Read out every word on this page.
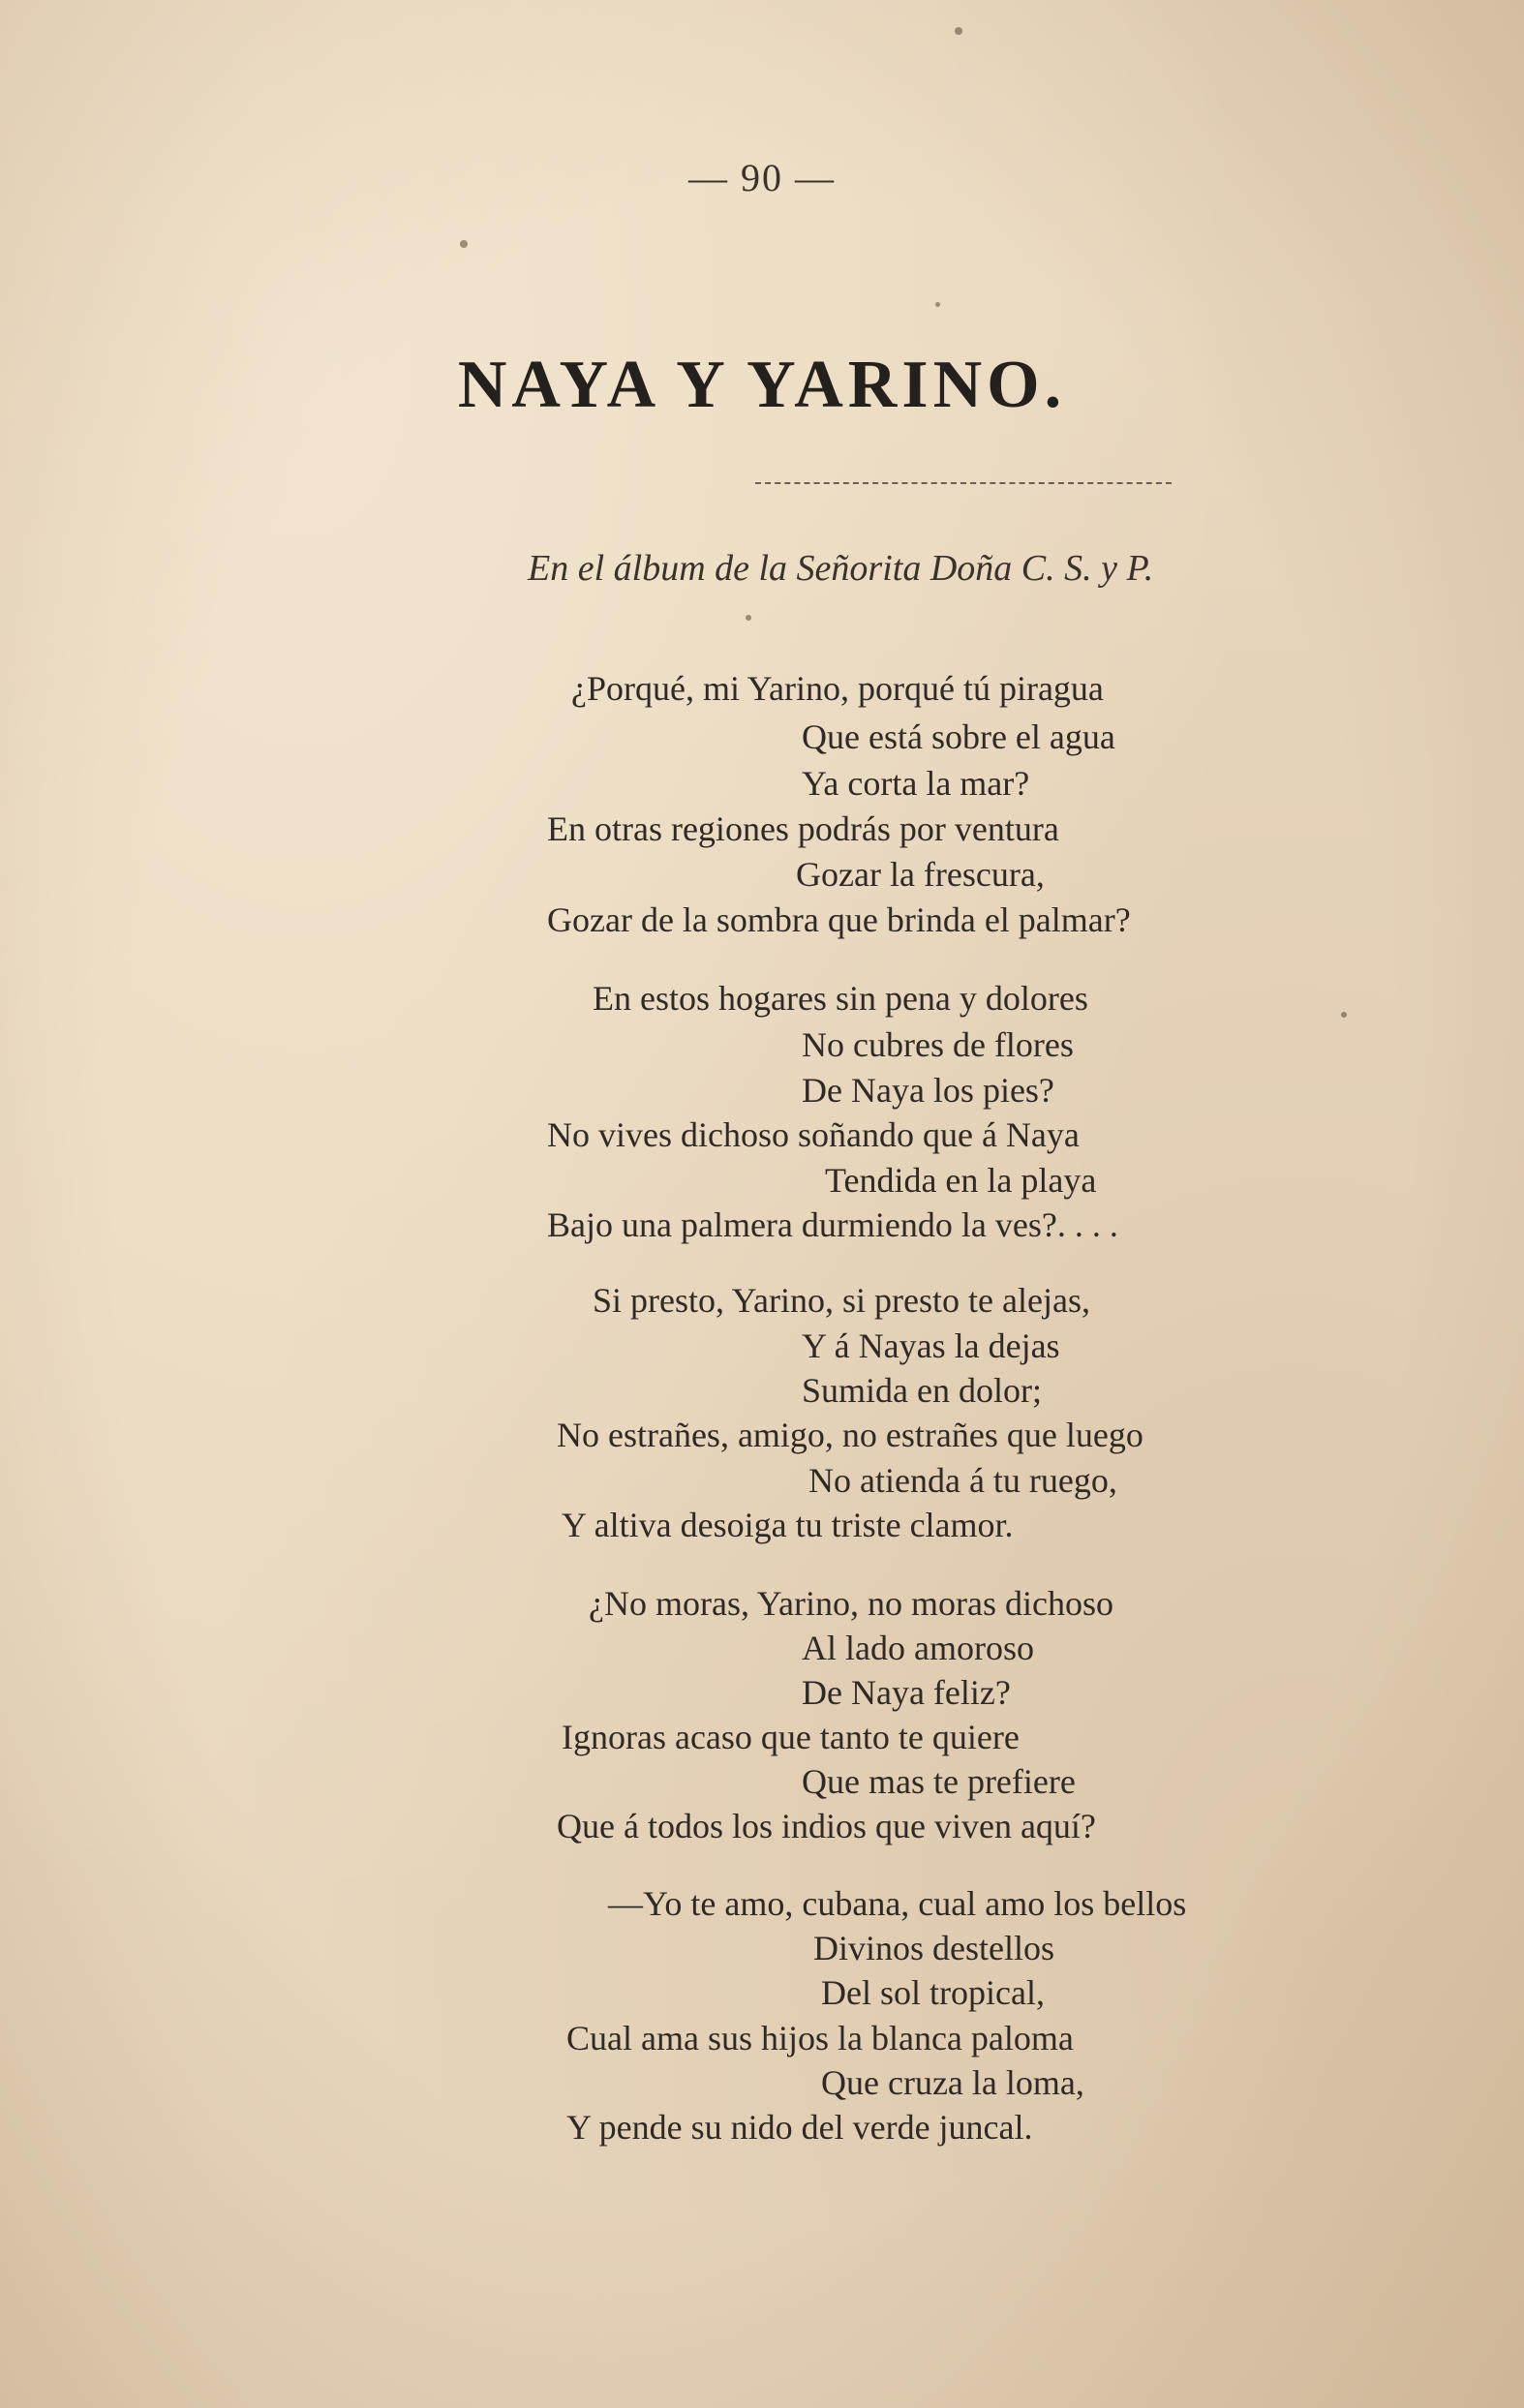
— 90 —
NAYA Y YARINO.
En el álbum de la Señorita Doña C. S. y P.
¿Porqué, mi Yarino, porqué tú piragua
Que está sobre el agua
Ya corta la mar?
En otras regiones podrás por ventura
Gozar la frescura,
Gozar de la sombra que brinda el palmar?
En estos hogares sin pena y dolores
No cubres de flores
De Naya los pies?
No vives dichoso soñando que á Naya
Tendida en la playa
Bajo una palmera durmiendo la ves?. . . .
Si presto, Yarino, si presto te alejas,
Y á Nayas la dejas
Sumida en dolor;
No estrañes, amigo, no estrañes que luego
No atienda á tu ruego,
Y altiva desoiga tu triste clamor.
¿No moras, Yarino, no moras dichoso
Al lado amoroso
De Naya feliz?
Ignoras acaso que tanto te quiere
Que mas te prefiere
Que á todos los indios que viven aquí?
—Yo te amo, cubana, cual amo los bellos
Divinos destellos
Del sol tropical,
Cual ama sus hijos la blanca paloma
Que cruza la loma,
Y pende su nido del verde juncal.
